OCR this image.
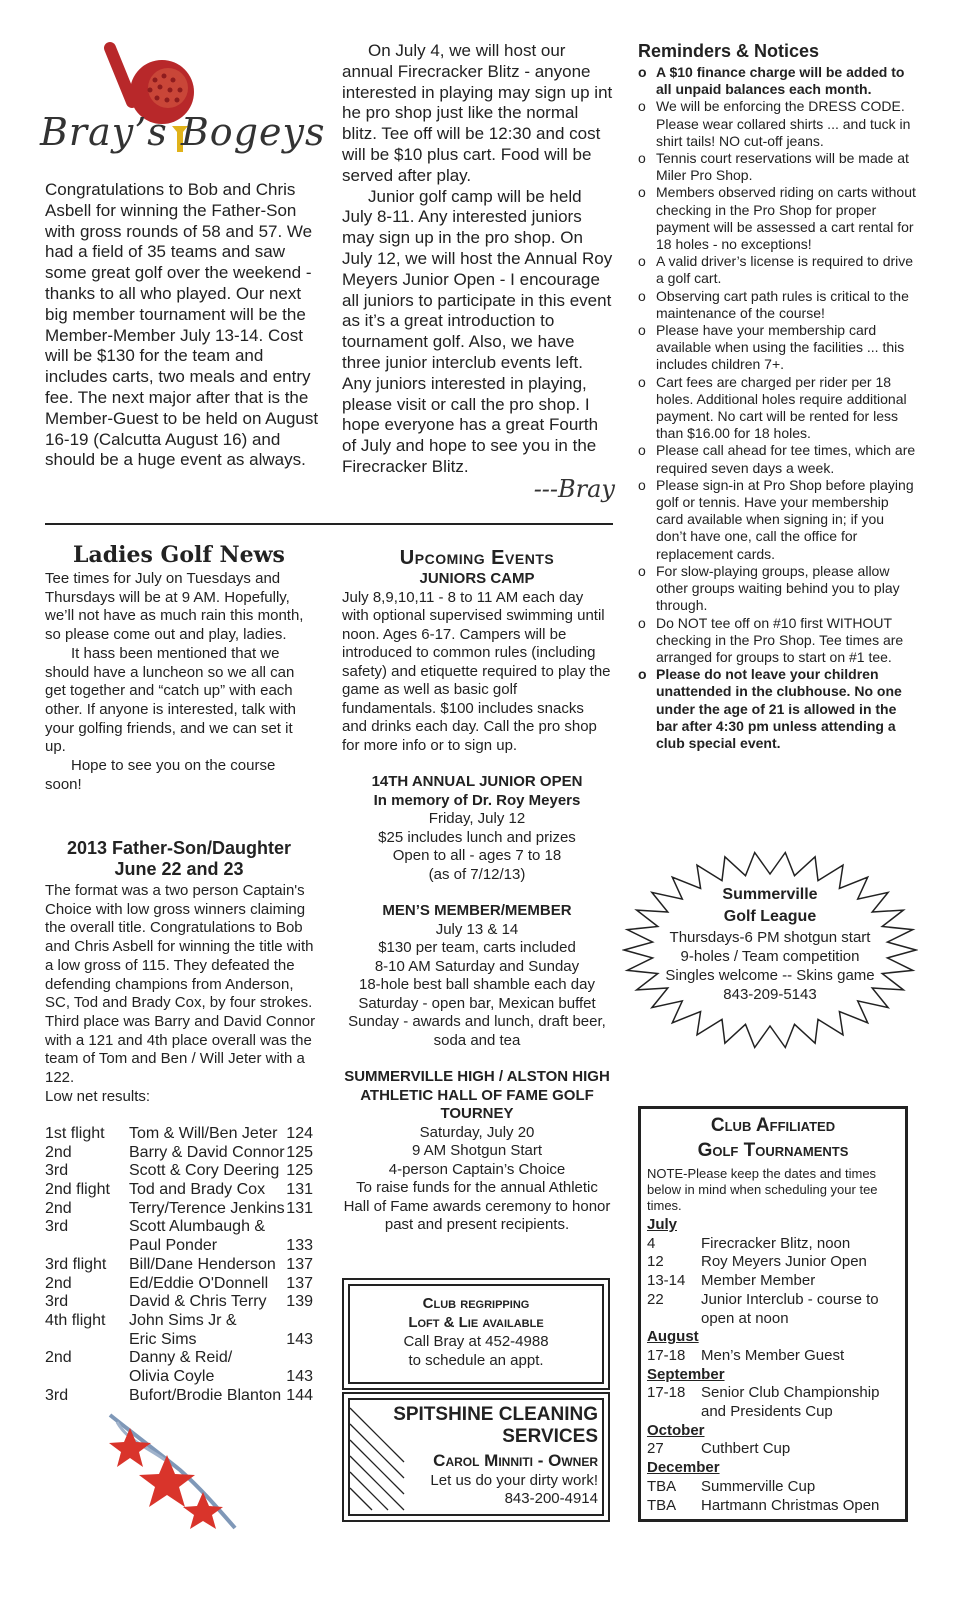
Bray’s Bogeys

Congratulations to Bob and Chris Asbell for winning the Father-Son with gross rounds of 58 and 57. We had a field of 35 teams and saw some great golf over the weekend - thanks to all who played. Our next big member tournament will be the Member-Member July 13-14. Cost will be $130 for the team and includes carts, two meals and entry fee. The next major after that is the Member-Guest to be held on August 16-19 (Calcutta August 16) and should be a huge event as always.

On July 4, we will host our annual Firecracker Blitz - anyone interested in playing may sign up int he pro shop just like the normal blitz. Tee off will be 12:30 and cost will be $10 plus cart. Food will be served after play.

Junior golf camp will be held July 8-11. Any interested juniors may sign up in the pro shop. On July 12, we will host the Annual Roy Meyers Junior Open - I encourage all juniors to participate in this event as it’s a great introduction to tournament golf. Also, we have three junior interclub events left. Any juniors interested in playing, please visit or call the pro shop. I hope everyone has a great Fourth of July and hope to see you in the Firecracker Blitz.

---Bray
Ladies Golf News

Tee times for July on Tuesdays and Thursdays will be at 9 AM. Hopefully, we’ll not have as much rain this month, so please come out and play, ladies.

It hass been mentioned that we should have a luncheon so we all can get together and “catch up” with each other. If anyone is interested, talk with your golfing friends, and we can set it up.

Hope to see you on the course soon!

2013 Father-Son/Daughter
June 22 and 23

The format was a two person Captain's Choice with low gross winners claiming the overall title. Congratulations to Bob and Chris Asbell for winning the title with a low gross of 115. They defeated the defending champions from Anderson, SC, Tod and Brady Cox, by four strokes. Third place was Barry and David Connor with a 121 and 4th place overall was the team of Tom and Ben / Will Jeter with a 122.

Low net results:

1st flight Tom & Will/Ben Jeter 124
2nd	Barry & David Connor 125
3rd	Scott & Cory Deering 125
2nd flight Tod and Brady Cox 131
2nd	Terry/Terence Jenkins 131
3rd	Scott Alumbaugh &
Paul Ponder	133
3rd flight Bill/Dane Henderson 137
2nd	Ed/Eddie O'Donnell 137
3rd	David & Chris Terry 139
4th flight John Sims Jr &
Eric Sims	143
2nd	Danny & Reid/
Olivia Coyle	143
3rd	Bufort/Brodie Blanton 144
Upcoming Events
JUNIORS CAMP
July 8,9,10,11 - 8 to 11 AM each day with optional supervised swimming until noon. Ages 6-17. Campers will be introduced to common rules (including safety) and etiquette required to play the game as well as basic golf fundamentals. $100 includes snacks and drinks each day. Call the pro shop for more info or to sign up.
14TH ANNUAL JUNIOR OPEN
In memory of Dr. Roy Meyers
Friday, July 12
$25 includes lunch and prizes
Open to all - ages 7 to 18
(as of 7/12/13)
MEN’S MEMBER/MEMBER
July 13 & 14
$130 per team, carts included
8-10 AM Saturday and Sunday
18-hole best ball shamble each day
Saturday - open bar, Mexican buffet
Sunday - awards and lunch, draft beer, soda and tea
SUMMERVILLE HIGH / ALSTON HIGH ATHLETIC HALL OF FAME GOLF TOURNEY
Saturday, July 20
9 AM Shotgun Start
4-person Captain’s Choice
To raise funds for the annual Athletic Hall of Fame awards ceremony to honor past and present recipients.
Club regripping
Loft & Lie available
Call Bray at 452-4988
to schedule an appt.
SPITSHINE CLEANING
SERVICES
Carol Minniti - Owner
Let us do your dirty work!
843-200-4914
Reminders & Notices
o A $10 finance charge will be added to all unpaid balances each month.
o We will be enforcing the DRESS CODE. Please wear collared shirts ... and tuck in shirt tails! NO cut-off jeans.
o Tennis court reservations will be made at Miler Pro Shop.
o Members observed riding on carts without checking in the Pro Shop for proper payment will be assessed a cart rental for 18 holes - no exceptions!
o A valid driver’s license is required to drive a golf cart.
o Observing cart path rules is critical to the maintenance of the course!
o Please have your membership card available when using the facilities ... this includes children 7+.
o Cart fees are charged per rider per 18 holes. Additional holes require additional payment. No cart will be rented for less than $16.00 for 18 holes.
o Please call ahead for tee times, which are required seven days a week.
o Please sign-in at Pro Shop before playing golf or tennis. Have your membership card available when signing in; if you don’t have one, call the office for replacement cards.
o For slow-playing groups, please allow other groups waiting behind you to play through.
o Do NOT tee off on #10 first WITHOUT checking in the Pro Shop. Tee times are arranged for groups to start on #1 tee.
o Please do not leave your children unattended in the clubhouse. No one under the age of 21 is allowed in the bar after 4:30 pm unless attending a club special event.
Summerville
Golf League
Thursdays-6 PM shotgun start
9-holes / Team competition
Singles welcome -- Skins game
843-209-5143
Club Affiliated
Golf Tournaments
NOTE-Please keep the dates and times below in mind when scheduling your tee times.
July
4	Firecracker Blitz, noon
12 Roy Meyers Junior Open
13-14 Member Member
22 Junior Interclub - course to open at noon
August
17-18 Men’s Member Guest
September
17-18 Senior Club Championship and Presidents Cup
October
27 Cuthbert Cup
December
TBA Summerville Cup
TBA Hartmann Christmas Open
